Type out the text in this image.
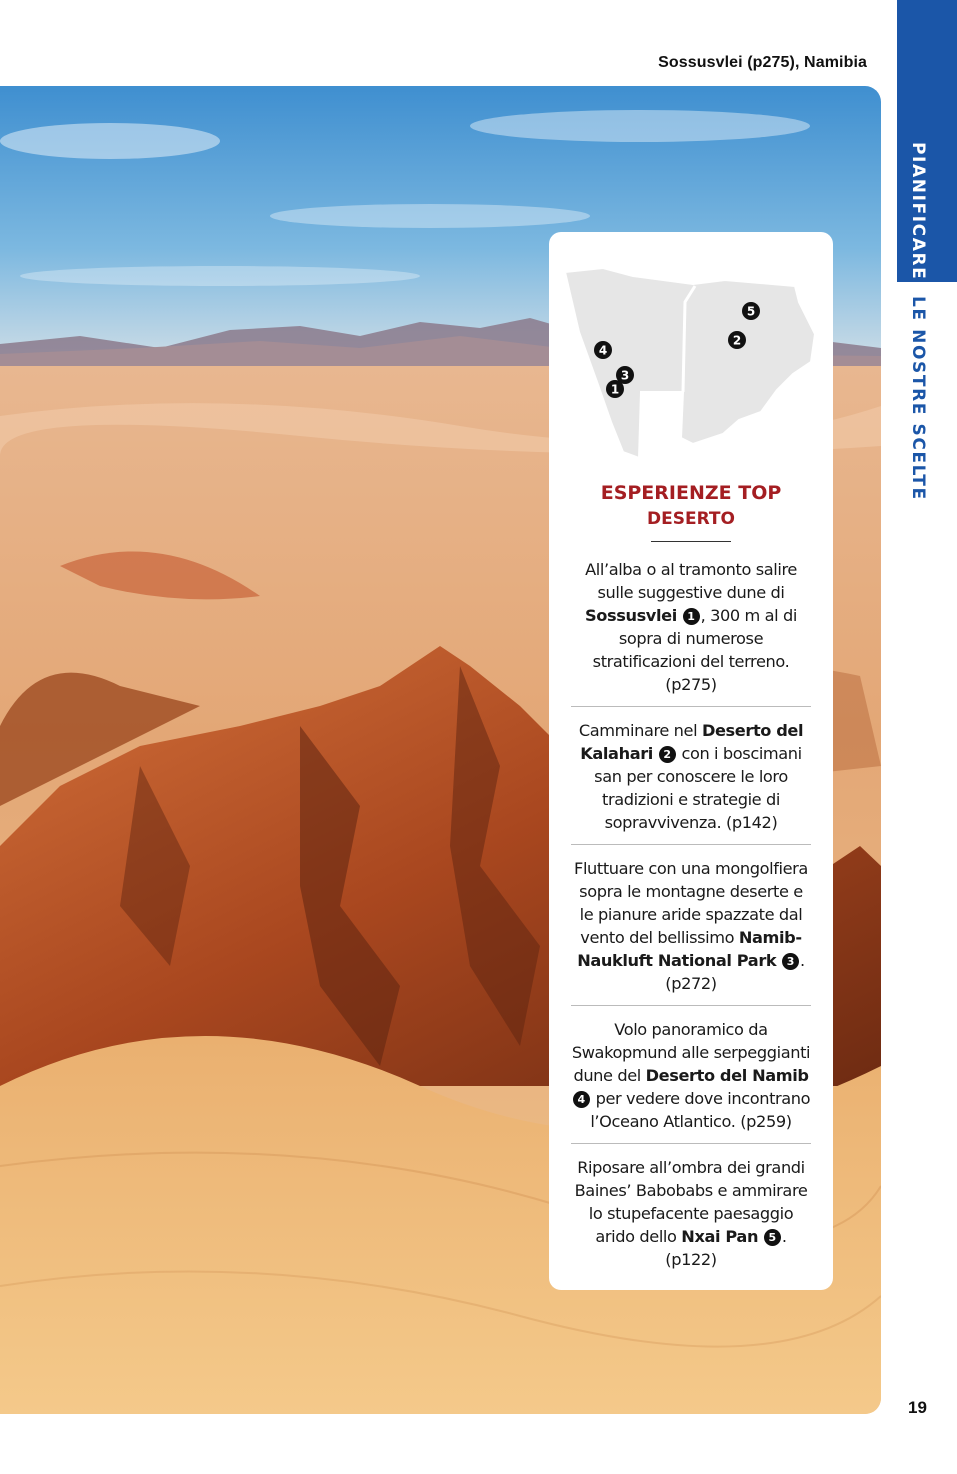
Sossusvlei (p275), Namibia
PIANIFICARE
LE NOSTRE SCELTE
19
5
2
4
3
1
ESPERIENZE TOP
DESERTO
All’alba o al tramonto salire sulle suggestive dune di Sossusvlei 1 , 300 m al di sopra di numerose stratificazioni del terreno. (p275)
Camminare nel Deserto del Kalahari 2 con i boscimani san per conoscere le loro tradizioni e strategie di sopravvivenza. (p142)
Fluttuare con una mongolfiera sopra le montagne deserte e le pianure aride spazzate dal vento del bellissimo Namib-Naukluft National Park 3 . (p272)
Volo panoramico da Swakopmund alle serpeggianti dune del Deserto del Namib 4 per vedere dove incontrano l’Oceano Atlantico. (p259)
Riposare all’ombra dei grandi Baines’ Babobabs e ammirare lo stupefacente paesaggio arido dello Nxai Pan 5 . (p122)
